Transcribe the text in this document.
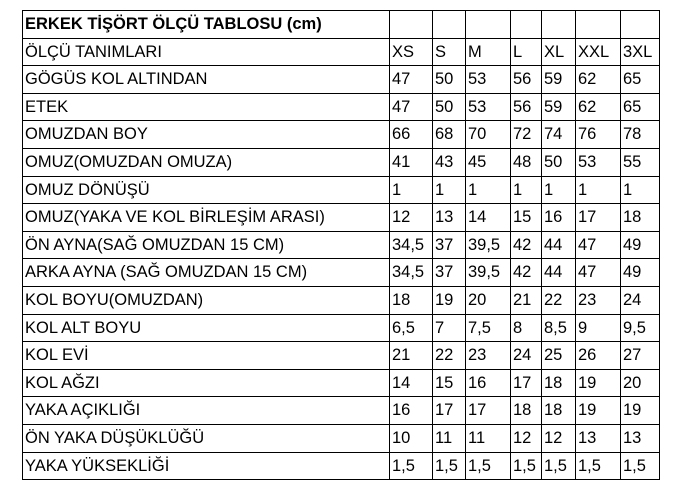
ERKEK TİŞÖRT ÖLÇÜ TABLOSU (cm)							
ÖLÇÜ TANIMLARI	XS	S	M	L	XL	XXL	3XL
GÖGÜS KOL ALTINDAN	47	50	53	56	59	62	65
ETEK	47	50	53	56	59	62	65
OMUZDAN BOY	66	68	70	72	74	76	78
OMUZ(OMUZDAN OMUZA)	41	43	45	48	50	53	55
OMUZ DÖNÜŞÜ	1	1	1	1	1	1	1
OMUZ(YAKA VE KOL BİRLEŞİM ARASI)	12	13	14	15	16	17	18
ÖN AYNA(SAĞ OMUZDAN 15 CM)	34,5	37	39,5	42	44	47	49
ARKA AYNA (SAĞ OMUZDAN 15 CM)	34,5	37	39,5	42	44	47	49
KOL BOYU(OMUZDAN)	18	19	20	21	22	23	24
KOL ALT BOYU	6,5	7	7,5	8	8,5	9	9,5
KOL EVİ	21	22	23	24	25	26	27
KOL AĞZI	14	15	16	17	18	19	20
YAKA AÇIKLIĞI	16	17	17	18	18	19	19
ÖN YAKA DÜŞÜKLÜĞÜ	10	11	11	12	12	13	13
YAKA YÜKSEKLİĞİ	1,5	1,5	1,5	1,5	1,5	1,5	1,5
